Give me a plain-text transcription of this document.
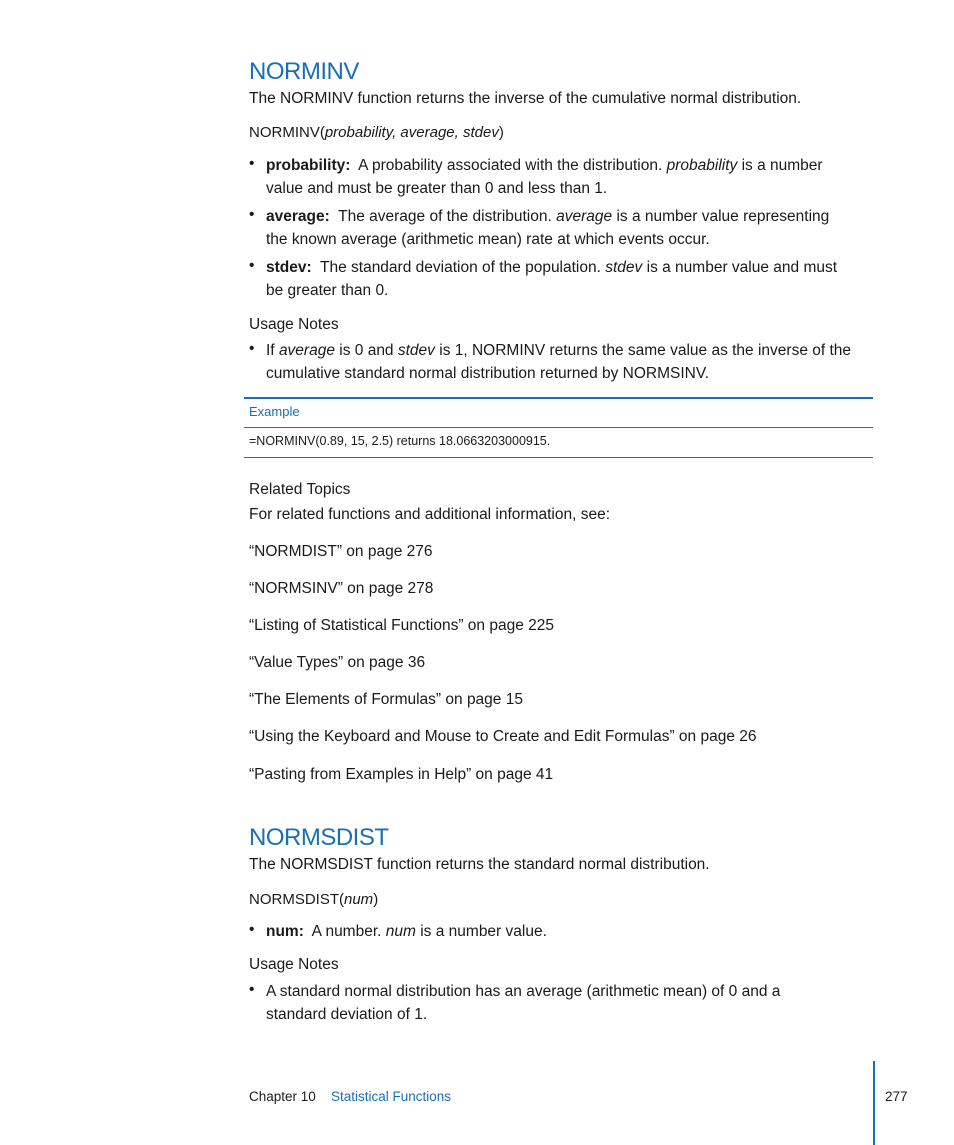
NORMINV
The NORMINV function returns the inverse of the cumulative normal distribution.
NORMINV(probability, average, stdev)
• probability: A probability associated with the distribution. probability is a number
value and must be greater than 0 and less than 1.
• average: The average of the distribution. average is a number value representing
the known average (arithmetic mean) rate at which events occur.
• stdev: The standard deviation of the population. stdev is a number value and must
be greater than 0.
Usage Notes
• If average is 0 and stdev is 1, NORMINV returns the same value as the inverse of the
cumulative standard normal distribution returned by NORMSINV.
Example
=NORMINV(0.89, 15, 2.5) returns 18.0663203000915.
Related Topics
For related functions and additional information, see:
“NORMDIST” on page 276
“NORMSINV” on page 278
“Listing of Statistical Functions” on page 225
“Value Types” on page 36
“The Elements of Formulas” on page 15
“Using the Keyboard and Mouse to Create and Edit Formulas” on page 26
“Pasting from Examples in Help” on page 41
NORMSDIST
The NORMSDIST function returns the standard normal distribution.
NORMSDIST(num)
• num: A number. num is a number value.
Usage Notes
• A standard normal distribution has an average (arithmetic mean) of 0 and a
standard deviation of 1.
Chapter 10 Statistical Functions	277
